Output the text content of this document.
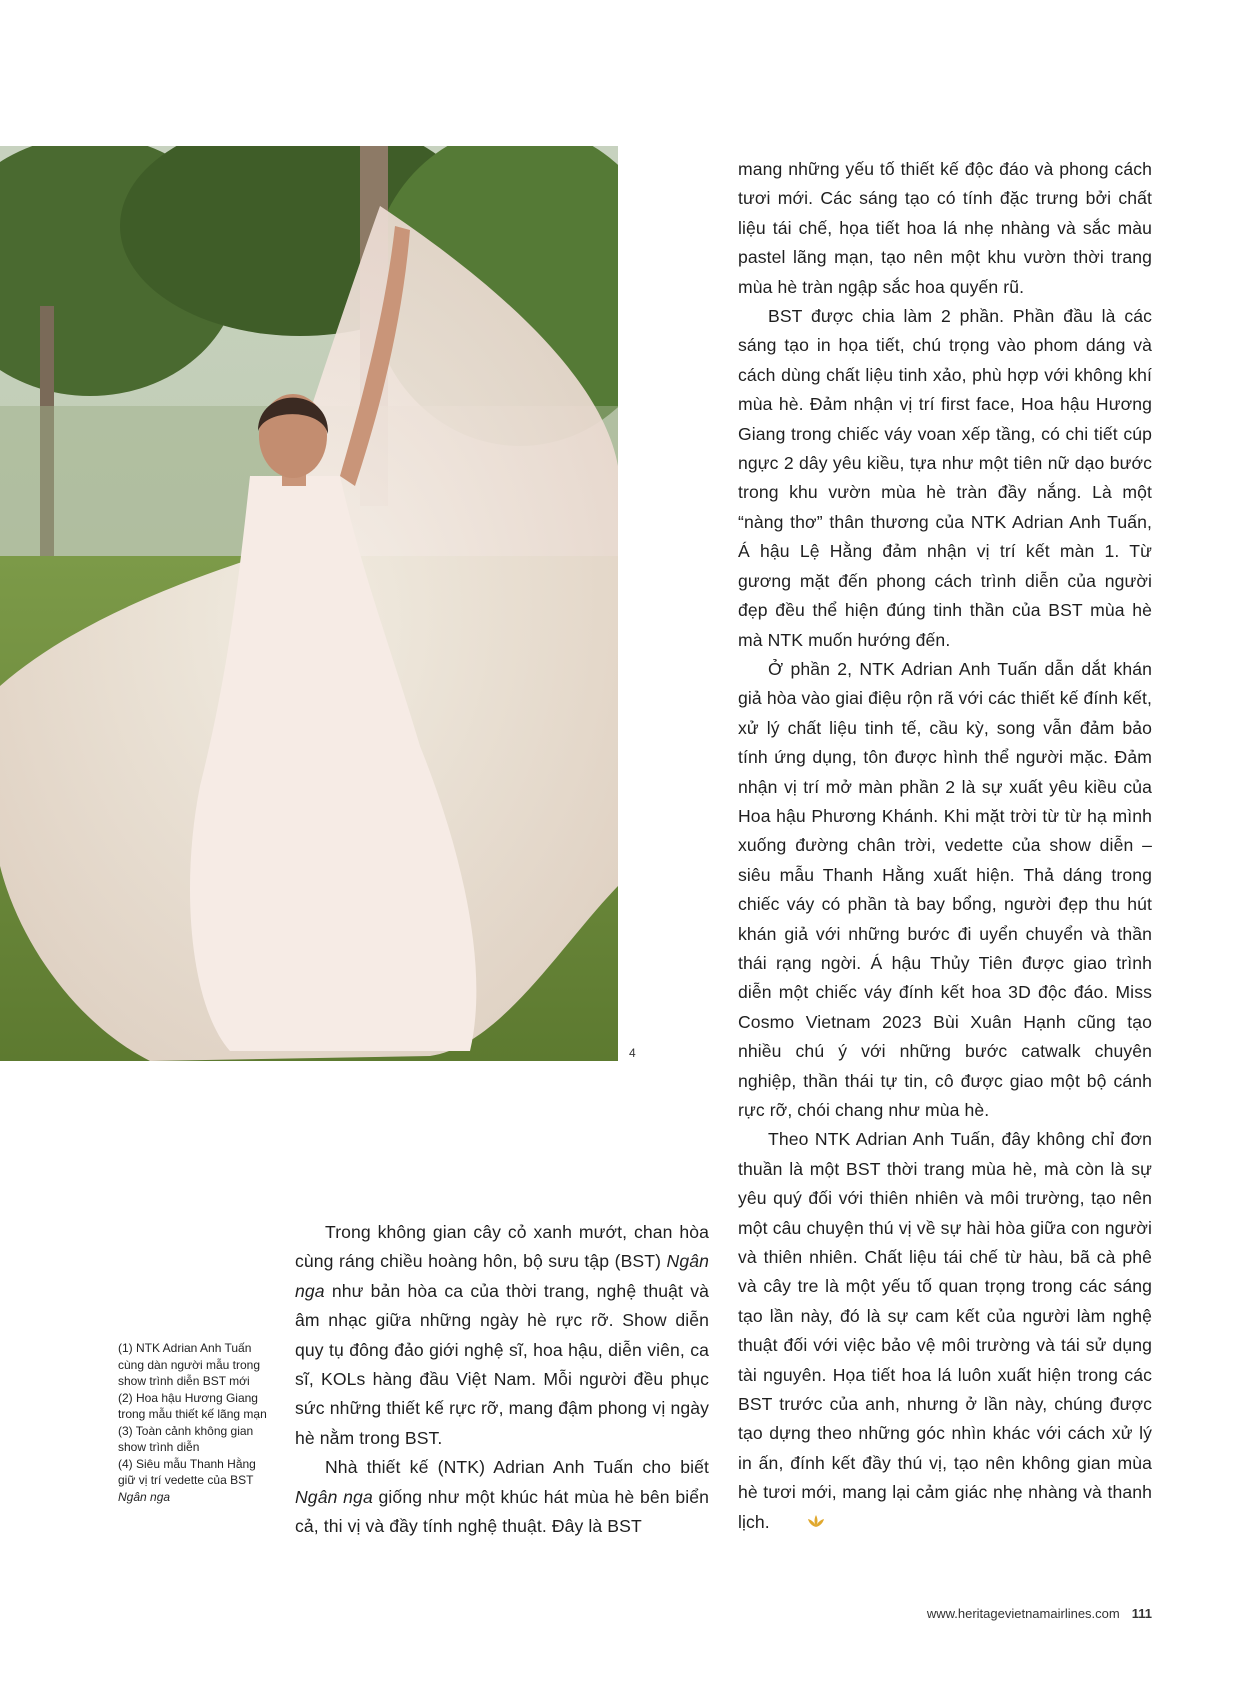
4

(1) NTK Adrian Anh Tuấn cùng dàn người mẫu trong show trình diễn BST mới

(2) Hoa hậu Hương Giang trong mẫu thiết kế lãng mạn

(3) Toàn cảnh không gian show trình diễn

(4) Siêu mẫu Thanh Hằng giữ vị trí vedette của BST Ngân nga

Trong không gian cây cỏ xanh mướt, chan hòa cùng ráng chiều hoàng hôn, bộ sưu tập (BST) Ngân nga như bản hòa ca của thời trang, nghệ thuật và âm nhạc giữa những ngày hè rực rỡ. Show diễn quy tụ đông đảo giới nghệ sĩ, hoa hậu, diễn viên, ca sĩ, KOLs hàng đầu Việt Nam. Mỗi người đều phục sức những thiết kế rực rỡ, mang đậm phong vị ngày hè nằm trong BST.

Nhà thiết kế (NTK) Adrian Anh Tuấn cho biết Ngân nga giống như một khúc hát mùa hè bên biển cả, thi vị và đầy tính nghệ thuật. Đây là BST

mang những yếu tố thiết kế độc đáo và phong cách tươi mới. Các sáng tạo có tính đặc trưng bởi chất liệu tái chế, họa tiết hoa lá nhẹ nhàng và sắc màu pastel lãng mạn, tạo nên một khu vườn thời trang mùa hè tràn ngập sắc hoa quyến rũ.

BST được chia làm 2 phần. Phần đầu là các sáng tạo in họa tiết, chú trọng vào phom dáng và cách dùng chất liệu tinh xảo, phù hợp với không khí mùa hè. Đảm nhận vị trí first face, Hoa hậu Hương Giang trong chiếc váy voan xếp tầng, có chi tiết cúp ngực 2 dây yêu kiều, tựa như một tiên nữ dạo bước trong khu vườn mùa hè tràn đầy nắng. Là một “nàng thơ” thân thương của NTK Adrian Anh Tuấn, Á hậu Lệ Hằng đảm nhận vị trí kết màn 1. Từ gương mặt đến phong cách trình diễn của người đẹp đều thể hiện đúng tinh thần của BST mùa hè mà NTK muốn hướng đến.

Ở phần 2, NTK Adrian Anh Tuấn dẫn dắt khán giả hòa vào giai điệu rộn rã với các thiết kế đính kết, xử lý chất liệu tinh tế, cầu kỳ, song vẫn đảm bảo tính ứng dụng, tôn được hình thể người mặc. Đảm nhận vị trí mở màn phần 2 là sự xuất yêu kiều của Hoa hậu Phương Khánh. Khi mặt trời từ từ hạ mình xuống đường chân trời, vedette của show diễn – siêu mẫu Thanh Hằng xuất hiện. Thả dáng trong chiếc váy có phần tà bay bổng, người đẹp thu hút khán giả với những bước đi uyển chuyển và thần thái rạng ngời. Á hậu Thủy Tiên được giao trình diễn một chiếc váy đính kết hoa 3D độc đáo. Miss Cosmo Vietnam 2023 Bùi Xuân Hạnh cũng tạo nhiều chú ý với những bước catwalk chuyên nghiệp, thần thái tự tin, cô được giao một bộ cánh rực rỡ, chói chang như mùa hè.

Theo NTK Adrian Anh Tuấn, đây không chỉ đơn thuần là một BST thời trang mùa hè, mà còn là sự yêu quý đối với thiên nhiên và môi trường, tạo nên một câu chuyện thú vị về sự hài hòa giữa con người và thiên nhiên. Chất liệu tái chế từ hàu, bã cà phê và cây tre là một yếu tố quan trọng trong các sáng tạo lần này, đó là sự cam kết của người làm nghệ thuật đối với việc bảo vệ môi trường và tái sử dụng tài nguyên. Họa tiết hoa lá luôn xuất hiện trong các BST trước của anh, nhưng ở lần này, chúng được tạo dựng theo những góc nhìn khác với cách xử lý in ấn, đính kết đầy thú vị, tạo nên không gian mùa hè tươi mới, mang lại cảm giác nhẹ nhàng và thanh lịch.

www.heritagevietnamairlines.com 111
